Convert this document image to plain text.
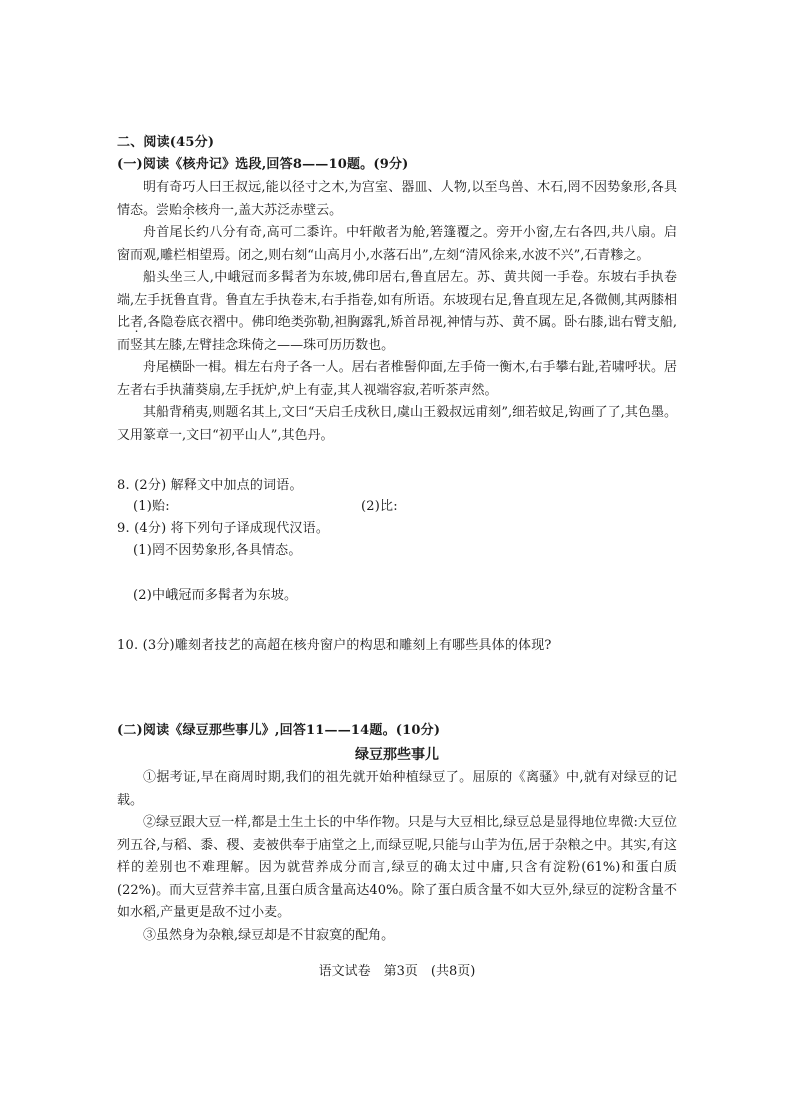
二、阅读(45分)
(一)阅读《核舟记》选段,回答8——10题。(9分)

明有奇巧人曰王叔远,能以径寸之木,为宫室、器皿、人物,以至鸟兽、木石,罔不因势象形,各具情态。尝贻余核舟一,盖大苏泛赤壁云。

舟首尾长约八分有奇,高可二黍许。中轩敞者为舱,箬篷覆之。旁开小窗,左右各四,共八扇。启窗而观,雕栏相望焉。闭之,则右刻“山高月小,水落石出”,左刻“清风徐来,水波不兴”,石青糁之。

船头坐三人,中峨冠而多髯者为东坡,佛印居右,鲁直居左。苏、黄共阅一手卷。东坡右手执卷端,左手抚鲁直背。鲁直左手执卷末,右手指卷,如有所语。东坡现右足,鲁直现左足,各微侧,其两膝相比者,各隐卷底衣褶中。佛印绝类弥勒,袒胸露乳,矫首昂视,神情与苏、黄不属。卧右膝,诎右臂支船,而竖其左膝,左臂挂念珠倚之——珠可历历数也。

舟尾横卧一楫。楫左右舟子各一人。居右者椎髻仰面,左手倚一衡木,右手攀右趾,若啸呼状。居左者右手执蒲葵扇,左手抚炉,炉上有壶,其人视端容寂,若听茶声然。

其船背稍夷,则题名其上,文曰“天启壬戌秋日,虞山王毅叔远甫刻”,细若蚊足,钩画了了,其色墨。又用篆章一,文曰“初平山人”,其色丹。

8. (2分) 解释文中加点的词语。
(1)贻:	(2)比:
9. (4分) 将下列句子译成现代汉语。
(1)罔不因势象形,各具情态。
(2)中峨冠而多髯者为东坡。
10. (3分)雕刻者技艺的高超在核舟窗户的构思和雕刻上有哪些具体的体现?
(二)阅读《绿豆那些事儿》,回答11——14题。(10分)
绿豆那些事儿

①据考证,早在商周时期,我们的祖先就开始种植绿豆了。屈原的《离骚》中,就有对绿豆的记载。

②绿豆跟大豆一样,都是土生土长的中华作物。只是与大豆相比,绿豆总是显得地位卑微:大豆位列五谷,与稻、黍、稷、麦被供奉于庙堂之上,而绿豆呢,只能与山芋为伍,居于杂粮之中。其实,有这样的差别也不难理解。因为就营养成分而言,绿豆的确太过中庸,只含有淀粉(61%)和蛋白质(22%)。而大豆营养丰富,且蛋白质含量高达40%。除了蛋白质含量不如大豆外,绿豆的淀粉含量不如水稻,产量更是敌不过小麦。

③虽然身为杂粮,绿豆却是不甘寂寞的配角。

语文试卷　第3页　(共8页)
